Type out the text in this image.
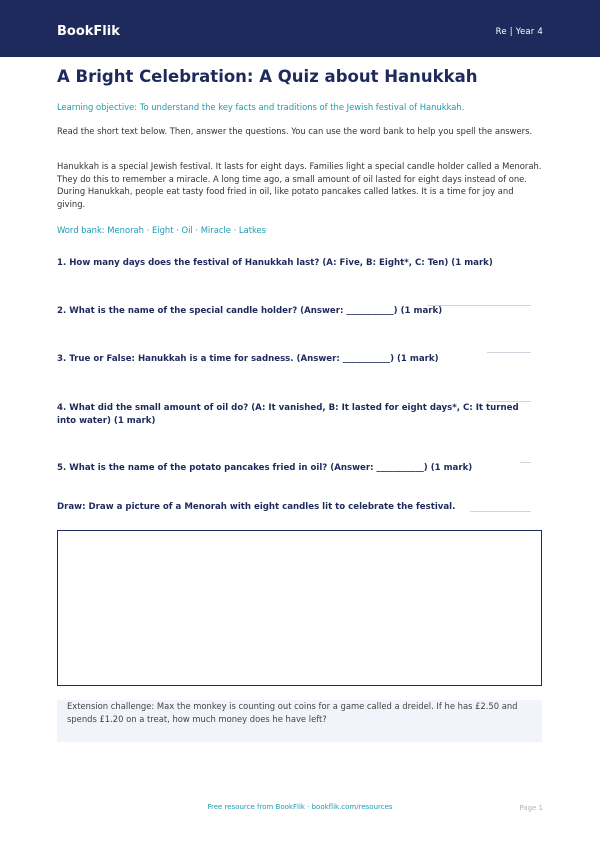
BookFlik	Re | Year 4
A Bright Celebration: A Quiz about Hanukkah
Learning objective: To understand the key facts and traditions of the Jewish festival of Hanukkah.
Read the short text below. Then, answer the questions. You can use the word bank to help you spell the answers.
Hanukkah is a special Jewish festival. It lasts for eight days. Families light a special candle holder called a Menorah. They do this to remember a miracle. A long time ago, a small amount of oil lasted for eight days instead of one. During Hanukkah, people eat tasty food fried in oil, like potato pancakes called latkes. It is a time for joy and giving.
Word bank: Menorah · Eight · Oil · Miracle · Latkes
1. How many days does the festival of Hanukkah last? (A: Five, B: Eight*, C: Ten) (1 mark)
2. What is the name of the special candle holder? (Answer: ___________) (1 mark)
3. True or False: Hanukkah is a time for sadness. (Answer: ___________) (1 mark)
4. What did the small amount of oil do? (A: It vanished, B: It lasted for eight days*, C: It turned into water) (1 mark)
5. What is the name of the potato pancakes fried in oil? (Answer: ___________) (1 mark)
Draw: Draw a picture of a Menorah with eight candles lit to celebrate the festival.
Extension challenge: Max the monkey is counting out coins for a game called a dreidel. If he has £2.50 and spends £1.20 on a treat, how much money does he have left?
Free resource from BookFlik · bookflik.com/resources	Page 1
